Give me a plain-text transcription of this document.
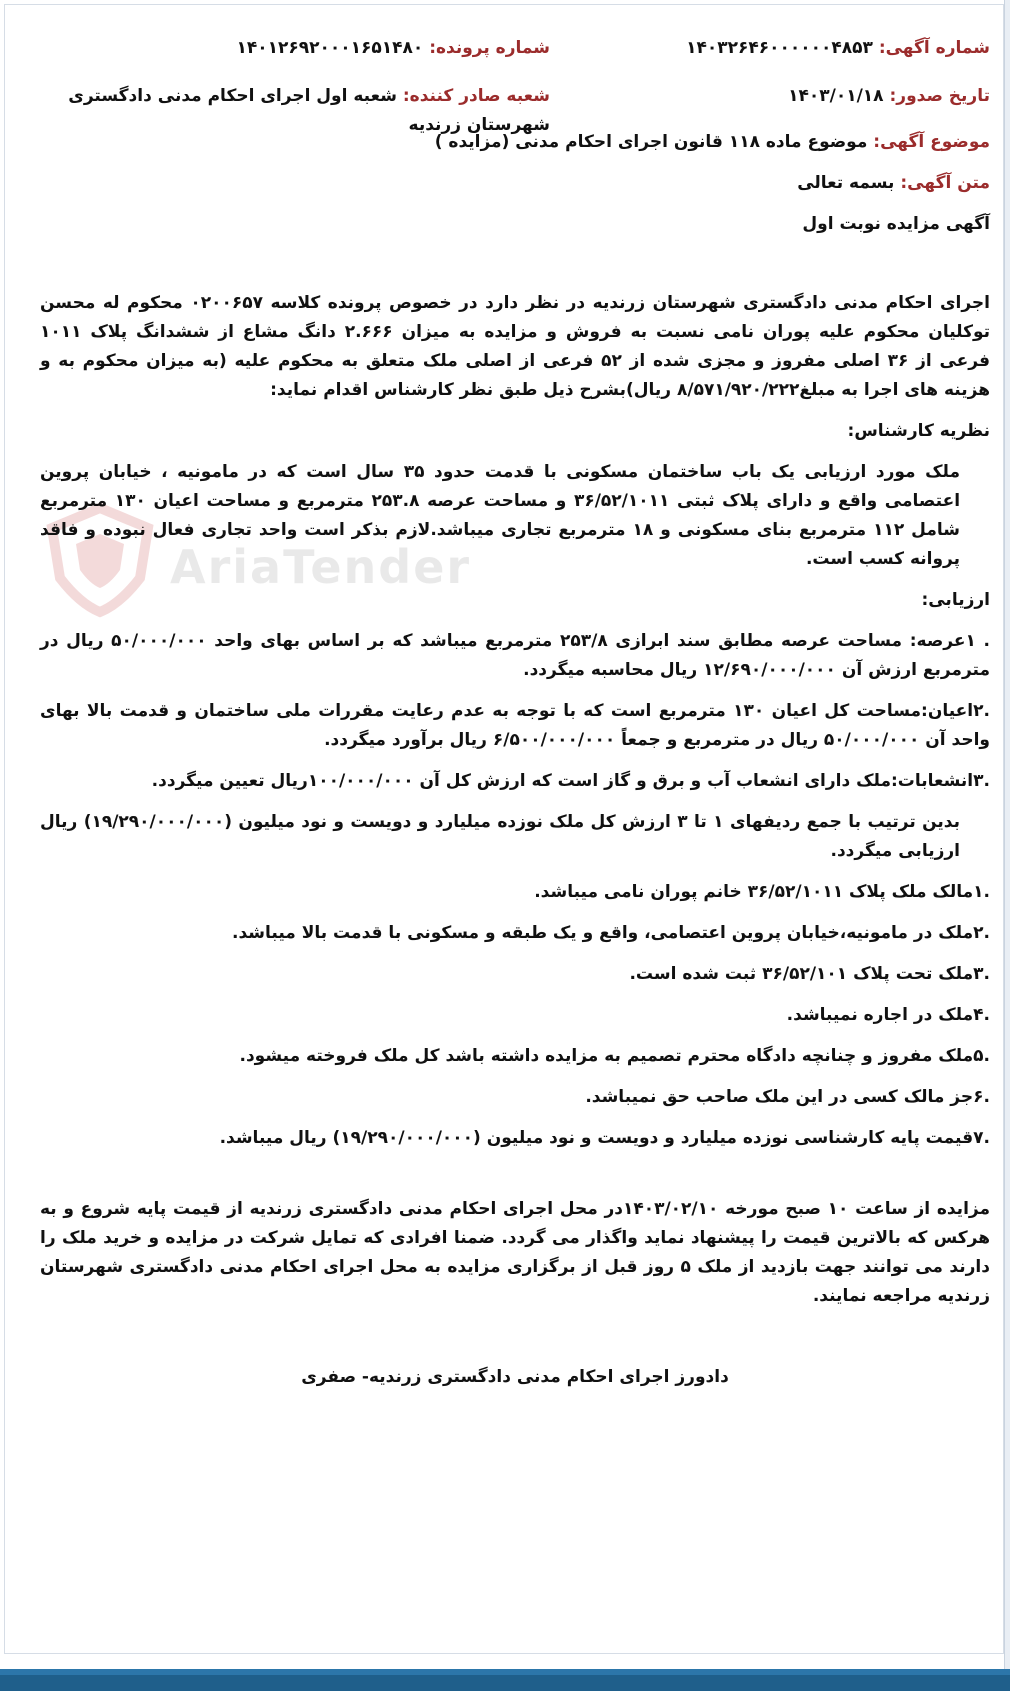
شماره آگهی: ۱۴۰۳۲۶۴۶۰۰۰۰۰۰۴۸۵۳
شماره پرونده: ۱۴۰۱۲۶۹۲۰۰۰۱۶۵۱۴۸۰
تاریخ صدور: ۱۴۰۳/۰۱/۱۸
شعبه صادر کننده: شعبه اول اجرای احکام مدنی دادگستری شهرستان زرندیه

موضوع آگهی: موضوع ماده ۱۱۸ قانون اجرای احکام مدنی (مزایده )

متن آگهی: بسمه تعالی

آگهی مزایده نوبت اول

اجرای احکام مدنی دادگستری شهرستان زرندیه در نظر دارد در خصوص پرونده کلاسه ۰۲۰۰۶۵۷ محکوم له محسن توکلیان محکوم علیه پوران نامی نسبت به فروش و مزایده به میزان ۲.۶۶۶ دانگ مشاع از ششدانگ پلاک ۱۰۱۱ فرعی از ۳۶ اصلی مفروز و مجزی شده از ۵۲ فرعی از اصلی ملک متعلق به محکوم علیه (به میزان محکوم به و هزینه های اجرا به مبلغ۸/۵۷۱/۹۲۰/۲۲۲ ریال)بشرح ذیل طبق نظر کارشناس اقدام نماید:

نظریه کارشناس:

ملک مورد ارزیابی یک باب ساختمان مسکونی با قدمت حدود ۳۵ سال است که در مامونیه ، خیابان پروین اعتصامی واقع و دارای پلاک ثبتی ۳۶/۵۲/۱۰۱۱ و مساحت عرصه ۲۵۳.۸ مترمربع و مساحت اعیان ۱۳۰ مترمربع شامل ۱۱۲ مترمربع بنای مسکونی و ۱۸ مترمربع تجاری میباشد.لازم بذکر است واحد تجاری فعال نبوده و فاقد پروانه کسب است.

ارزیابی:

. ۱عرصه: مساحت عرصه مطابق سند ابرازی ۲۵۳/۸ مترمربع میباشد که بر اساس بهای واحد ۵۰/۰۰۰/۰۰۰ ریال در مترمربع ارزش آن ۱۲/۶۹۰/۰۰۰/۰۰۰ ریال محاسبه میگردد.

.۲اعیان:مساحت کل اعیان ۱۳۰ مترمربع است که با توجه به عدم رعایت مقررات ملی ساختمان و قدمت بالا بهای واحد آن ۵۰/۰۰۰/۰۰۰ ریال در مترمربع و جمعاً ۶/۵۰۰/۰۰۰/۰۰۰ ریال برآورد میگردد.

.۳انشعابات:ملک دارای انشعاب آب و برق و گاز است که ارزش کل آن ۱۰۰/۰۰۰/۰۰۰ریال تعیین میگردد.

بدین ترتیب با جمع ردیفهای ۱ تا ۳ ارزش کل ملک نوزده میلیارد و دویست و نود میلیون (۱۹/۲۹۰/۰۰۰/۰۰۰) ریال ارزیابی میگردد.

.۱مالک ملک پلاک ۳۶/۵۲/۱۰۱۱ خانم پوران نامی میباشد.

.۲ملک در مامونیه،خیابان پروین اعتصامی، واقع و یک طبقه و مسکونی با قدمت بالا میباشد.

.۳ملک تحت پلاک ۳۶/۵۲/۱۰۱ ثبت شده است.

.۴ملک در اجاره نمیباشد.

.۵ملک مفروز و چنانچه دادگاه محترم تصمیم به مزایده داشته باشد کل ملک فروخته میشود.

.۶جز مالک کسی در این ملک صاحب حق نمیباشد.

.۷قیمت پایه کارشناسی نوزده میلیارد و دویست و نود میلیون (۱۹/۲۹۰/۰۰۰/۰۰۰) ریال میباشد.

مزایده از ساعت ۱۰ صبح مورخه ۱۴۰۳/۰۲/۱۰در محل اجرای احکام مدنی دادگستری زرندیه از قیمت پایه شروع و به هرکس که بالاترین قیمت را پیشنهاد نماید واگذار می گردد. ضمنا افرادی که تمایل شرکت در مزایده و خرید ملک را دارند می توانند جهت بازدید از ملک ۵ روز قبل از برگزاری مزایده به محل اجرای احکام مدنی دادگستری شهرستان زرندیه مراجعه نمایند.

دادورز اجرای احکام مدنی دادگستری زرندیه- صفری
